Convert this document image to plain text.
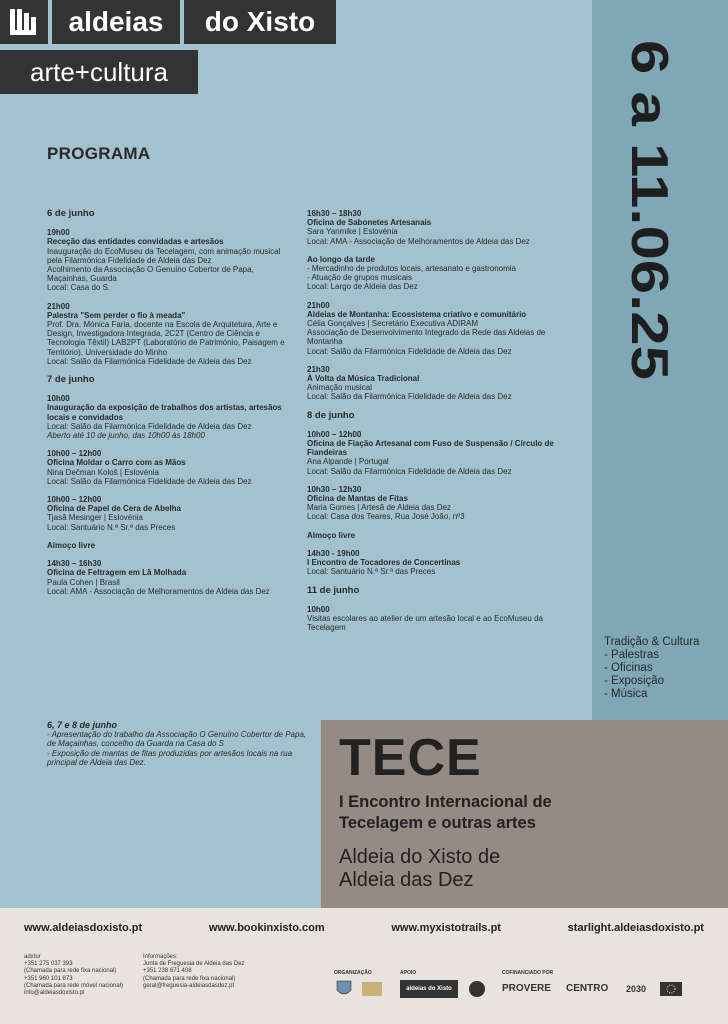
aldeias	do Xisto
arte+cultura	6 a 11.06.25

Tradição & Cultura

- Palestras

- Oficinas

- Exposição

- Música

PROGRAMA
6 de junho
19h00
Receção das entidades convidadas e artesãos
Inauguração do EcoMuseu da Tecelagem, com animação musical pela Filarmónica Fidelidade de Aldeia das Dez
Acolhimento da Associação O Genuíno Cobertor de Papa, Maçainhas, Guarda
Local: Casa do S.
21h00
Palestra "Sem perder o fio à meada"
Prof. Dra. Mónica Faria, docente na Escola de Arquitetura, Arte e Design, Investigadora Integrada, 2C2T (Centro de Ciência e Tecnologia Têxtil) LAB2PT (Laboratório de Património, Paisagem e Território), Universidade do Minho
Local: Salão da Filarmónica Fidelidade de Aldeia das Dez
7 de junho
10h00
Inauguração da exposição de trabalhos dos artistas, artesãos locais e convidados
Local: Salão da Filarmónica Fidelidade de Aldeia das Dez
Aberto até 10 de junho, das 10h00 às 18h00
10h00 – 12h00
Oficina Moldar o Carro com as Mãos
Nina Dečman Kološ | Eslovénia
Local: Salão da Filarmónica Fidelidade de Aldeia das Dez
10h00 – 12h00
Oficina de Papel de Cera de Abelha
Tjasă Mesinger | Eslovénia
Local: Santuário N.ª Sr.ª das Preces
Almoço livre
14h30 – 16h30
Oficina de Feltragem em Lã Molhada
Paula Cohen | Brasil
Local: AMA - Associação de Melhoramentos de Aldeia das Dez
16h30 – 18h30
Oficina de Sabonetes Artesanais
Sara Yanmike | Eslovénia
Local: AMA - Associação de Melhoramentos de Aldeia das Dez
Ao longo da tarde
- Mercadinho de produtos locais, artesanato e gastronomia
- Atuação de grupos musicais
Local: Largo de Aldeia das Dez
21h00
Aldeias de Montanha: Ecossistema criativo e comunitário
Célia Gonçalves | Secretário Executiva ADIRAM
Associação de Desenvolvimento Integrado da Rede das Aldeias de Montanha
Local: Salão da Filarmónica Fidelidade de Aldeia das Dez
21h30
À Volta da Música Tradicional
Animação musical
Local: Salão da Filarmónica Fidelidade de Aldeia das Dez
8 de junho
10h00 – 12h00
Oficina de Fiação Artesanal com Fuso de Suspensão / Círculo de Fiandeiras
Ana Alpande | Portugal
Local: Salão da Filarmónica Fidelidade de Aldeia das Dez
10h30 – 12h30
Oficina de Mantas de Fitas
Maria Gomes | Artesã de Aldeia das Dez
Local: Casa dos Teares, Rua José João, nº3
Almoço livre
14h30 - 19h00
I Encontro de Tocadores de Concertinas
Local: Santuário N.ª Sr.ª das Preces
11 de junho
10h00
Visitas escolares ao atelier de um artesão local e ao EcoMuseu da Tecelagem
6, 7 e 8 de junho
- Apresentação do trabalho da Associação O Genuíno Cobertor de Papa, de Maçainhas, concelho da Guarda na Casa do S
- Exposição de mantas de fitas produzidas por artesãos locais na rua principal de Aldeia das Dez.	TECE
I Encontro Internacional de
Tecelagem e outras artes
Aldeia do Xisto de
Aldeia das Dez
www.aldeiasdoxisto.pt	www.bookinxisto.com	www.myxistotrails.pt	starlight.aldeiasdoxisto.pt
adxtur
+351 275 037 393
(Chamada para rede fixa nacional)
+351 960 101 873
(Chamada para rede móvel nacional)
info@aldeiasdoxisto.pt
Informações:
Junta de Freguesia de Aldeia das Dez
+351 238 671 408
(Chamada para rede fixa nacional)
geral@freguesia-aldeiasdasdez.pt
ORGANIZAÇÃO	APOIO	COFINANCIADO POR
aldeias do Xisto	PROVERE CENTRO 2030
